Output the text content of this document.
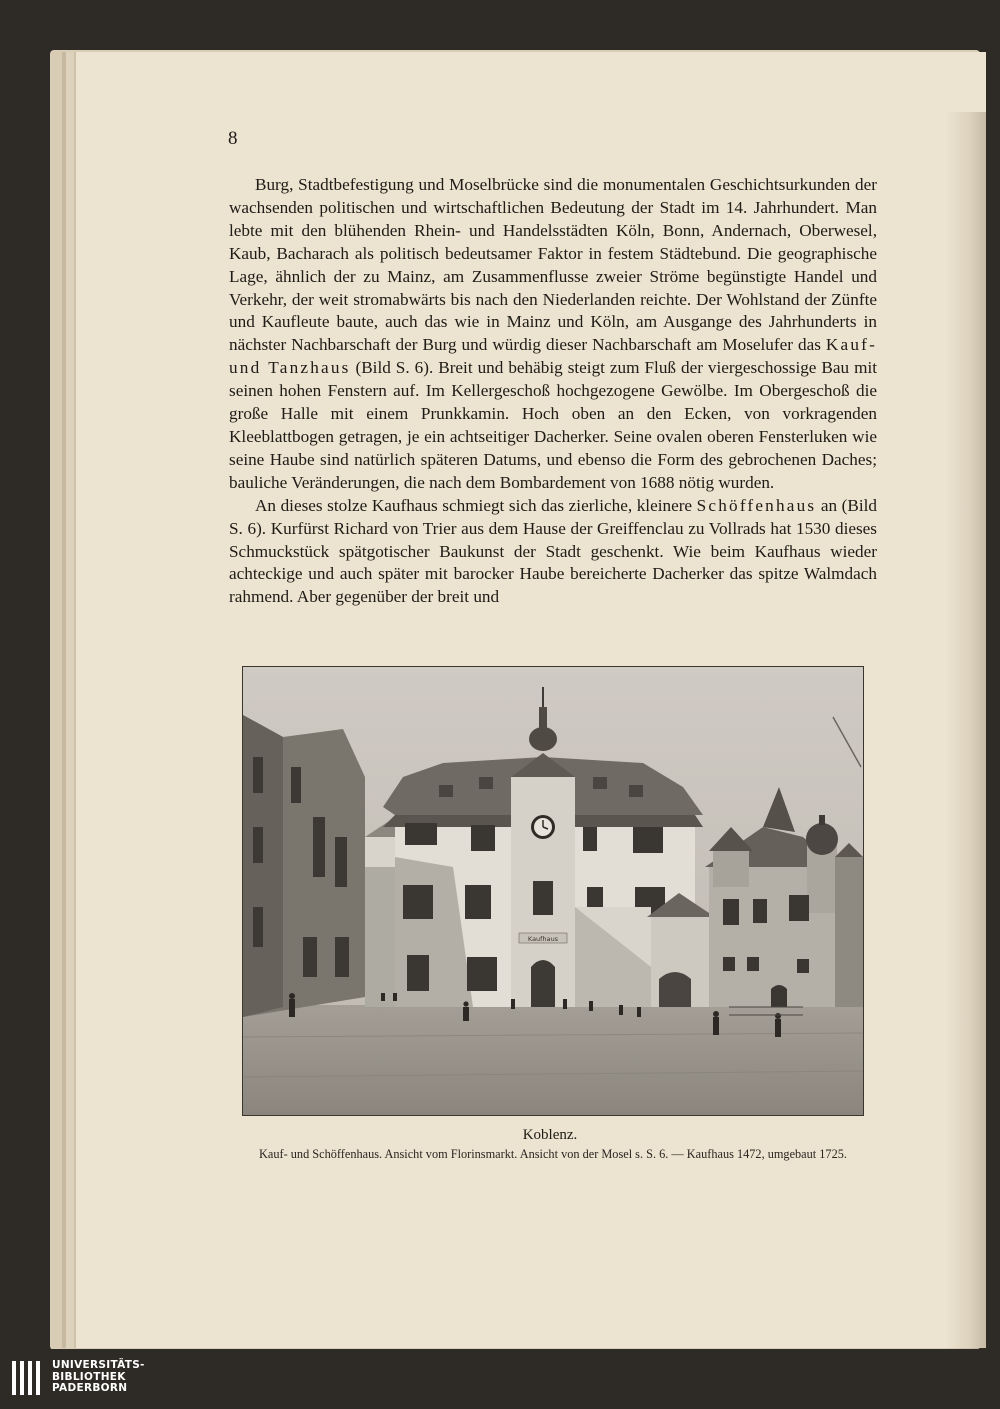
8

Burg, Stadtbefestigung und Moselbrücke sind die monumentalen Geschichtsurkunden der wachsenden politischen und wirtschaftlichen Bedeutung der Stadt im 14. Jahrhundert. Man lebte mit den blühenden Rhein- und Handelsstädten Köln, Bonn, Andernach, Oberwesel, Kaub, Bacharach als politisch bedeutsamer Faktor in festem Städtebund. Die geographische Lage, ähnlich der zu Mainz, am Zusammenflusse zweier Ströme begünstigte Handel und Verkehr, der weit stromabwärts bis nach den Niederlanden reichte. Der Wohlstand der Zünfte und Kaufleute baute, auch das wie in Mainz und Köln, am Ausgange des Jahrhunderts in nächster Nachbarschaft der Burg und würdig dieser Nachbarschaft am Moselufer das Kauf- und Tanzhaus (Bild S. 6). Breit und behäbig steigt zum Fluß der viergeschossige Bau mit seinen hohen Fenstern auf. Im Kellergeschoß hochgezogene Gewölbe. Im Obergeschoß die große Halle mit einem Prunkkamin. Hoch oben an den Ecken, von vorkragenden Kleeblattbogen getragen, je ein achtseitiger Dacherker. Seine ovalen oberen Fensterluken wie seine Haube sind natürlich späteren Datums, und ebenso die Form des gebrochenen Daches; bauliche Veränderungen, die nach dem Bombardement von 1688 nötig wurden.

An dieses stolze Kaufhaus schmiegt sich das zierliche, kleinere Schöffenhaus an (Bild S. 6). Kurfürst Richard von Trier aus dem Hause der Greiffenclau zu Vollrads hat 1530 dieses Schmuckstück spätgotischer Baukunst der Stadt geschenkt. Wie beim Kaufhaus wieder achteckige und auch später mit barocker Haube bereicherte Dacherker das spitze Walmdach rahmend. Aber gegenüber der breit und

Kaufhaus
Koblenz.
Kauf- und Schöffenhaus. Ansicht vom Florinsmarkt. Ansicht von der Mosel s. S. 6. — Kaufhaus 1472, umgebaut 1725.
UNIVERSITÄTS-
BIBLIOTHEK
PADERBORN
